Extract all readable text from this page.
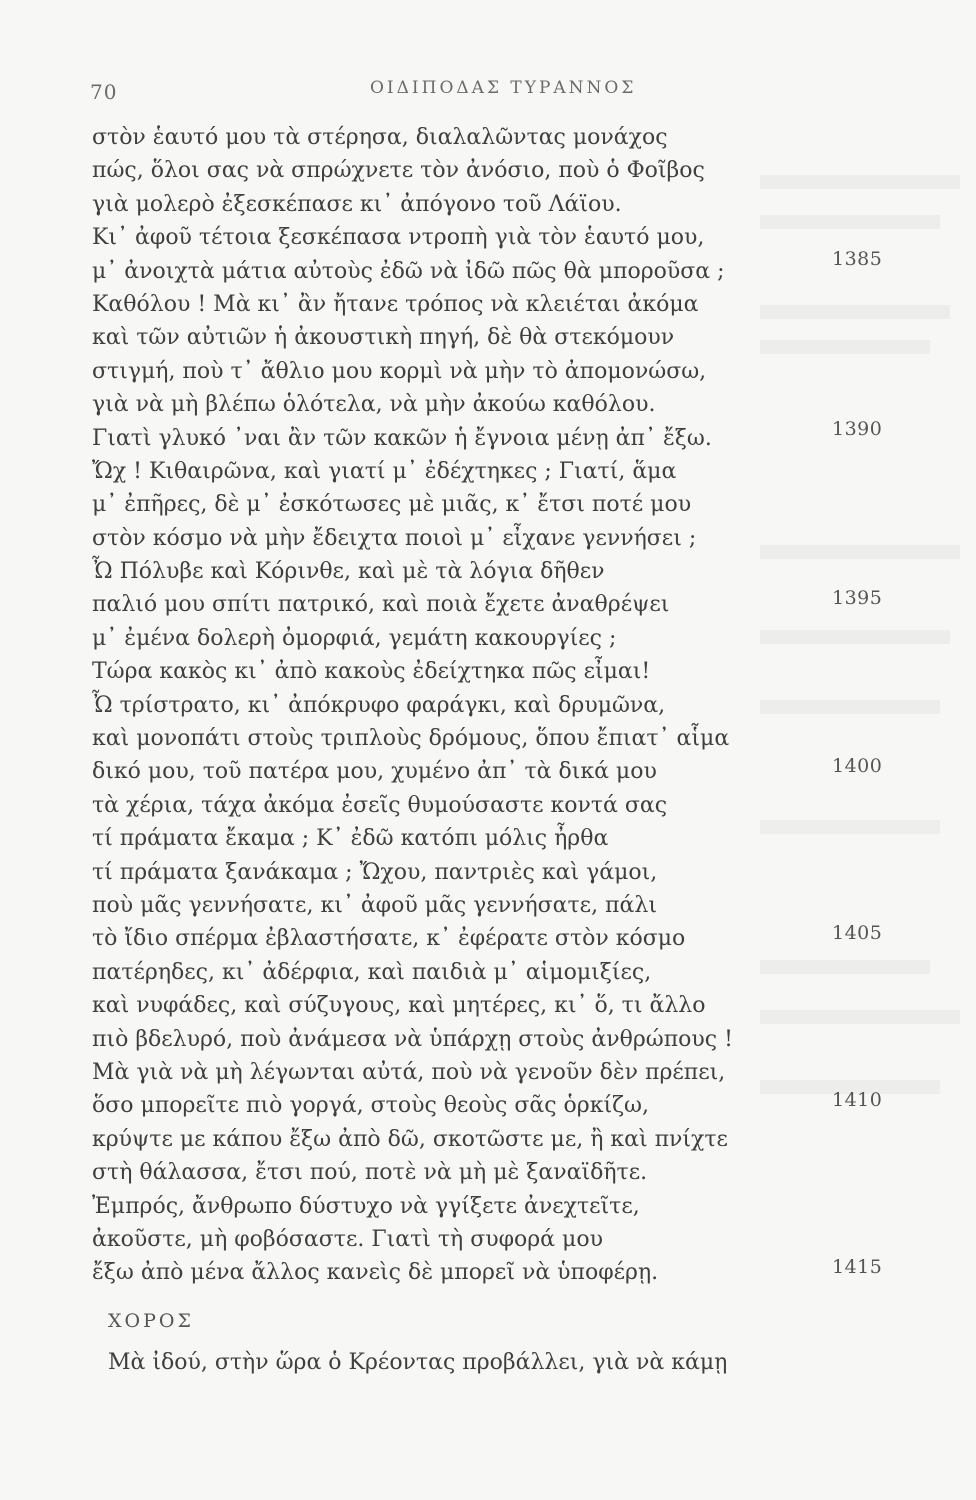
70	ΟΙΔΙΠΟΔΑΣ ΤΥΡΑΝΝΟΣ
στὸν ἑαυτό μου τὰ στέρησα, διαλαλῶντας μονάχος
πώς, ὅλοι σας νὰ σπρώχνετε τὸν ἀνόσιο, ποὺ ὁ Φοῖβος
γιὰ μολερὸ ἐξεσκέπασε κι᾽ ἀπόγονο τοῦ Λάϊου.
Κι᾽ ἀφοῦ τέτοια ξεσκέπασα ντροπὴ γιὰ τὸν ἑαυτό μου,
μ᾽ ἀνοιχτὰ μάτια αὐτοὺς ἐδῶ νὰ ἰδῶ πῶς θὰ μποροῦσα ;
Καθόλου ! Μὰ κι᾽ ἂν ἤτανε τρόπος νὰ κλειέται ἀκόμα
καὶ τῶν αὐτιῶν ἡ ἀκουστικὴ πηγή, δὲ θὰ στεκόμουν
στιγμή, ποὺ τ᾽ ἄθλιο μου κορμὶ νὰ μὴν τὸ ἀπομονώσω,
γιὰ νὰ μὴ βλέπω ὁλότελα, νὰ μὴν ἀκούω καθόλου.
Γιατὶ γλυκό ᾽ναι ἂν τῶν κακῶν ἡ ἔγνοια μένῃ ἀπ᾽ ἔξω.
Ὤχ ! Κιθαιρῶνα, καὶ γιατί μ᾽ ἐδέχτηκες ; Γιατί, ἅμα
μ᾽ ἐπῆρες, δὲ μ᾽ ἐσκότωσες μὲ μιᾶς, κ᾽ ἔτσι ποτέ μου
στὸν κόσμο νὰ μὴν ἔδειχτα ποιοὶ μ᾽ εἶχανε γεννήσει ;
Ὦ Πόλυβε καὶ Κόρινθε, καὶ μὲ τὰ λόγια δῆθεν
παλιό μου σπίτι πατρικό, καὶ ποιὰ ἔχετε ἀναθρέψει
μ᾽ ἐμένα δολερὴ ὀμορφιά, γεμάτη κακουργίες ;
Τώρα κακὸς κι᾽ ἀπὸ κακοὺς ἐδείχτηκα πῶς εἶμαι!
Ὦ τρίστρατο, κι᾽ ἀπόκρυφο φαράγκι, καὶ δρυμῶνα,
καὶ μονοπάτι στοὺς τριπλοὺς δρόμους, ὅπου ἔπιατ᾽ αἷμα
δικό μου, τοῦ πατέρα μου, χυμένο ἀπ᾽ τὰ δικά μου
τὰ χέρια, τάχα ἀκόμα ἐσεῖς θυμούσαστε κοντά σας
τί πράματα ἔκαμα ; Κ᾽ ἐδῶ κατόπι μόλις ἦρθα
τί πράματα ξανάκαμα ; Ὤχου, παντριὲς καὶ γάμοι,
ποὺ μᾶς γεννήσατε, κι᾽ ἀφοῦ μᾶς γεννήσατε, πάλι
τὸ ἴδιο σπέρμα ἐβλαστήσατε, κ᾽ ἐφέρατε στὸν κόσμο
πατέρηδες, κι᾽ ἀδέρφια, καὶ παιδιὰ μ᾽ αἱμομιξίες,
καὶ νυφάδες, καὶ σύζυγους, καὶ μητέρες, κι᾽ ὅ, τι ἄλλο
πιὸ βδελυρό, ποὺ ἀνάμεσα νὰ ὑπάρχῃ στοὺς ἀνθρώπους !
Μὰ γιὰ νὰ μὴ λέγωνται αὐτά, ποὺ νὰ γενοῦν δὲν πρέπει,
ὅσο μπορεῖτε πιὸ γοργά, στοὺς θεοὺς σᾶς ὁρκίζω,
κρύψτε με κάπου ἔξω ἀπὸ δῶ, σκοτῶστε με, ἢ καὶ πνίχτε
στὴ θάλασσα, ἔτσι πού, ποτὲ νὰ μὴ μὲ ξαναϊδῆτε.
Ἐμπρός, ἄνθρωπο δύστυχο νὰ γγίξετε ἀνεχτεῖτε,
ἀκοῦστε, μὴ φοβόσαστε. Γιατὶ τὴ συφορά μου
ἔξω ἀπὸ μένα ἄλλος κανεὶς δὲ μπορεῖ νὰ ὑποφέρῃ.
1385
1390
1395
1400
1405
1410
1415
ΧΟΡΟΣ
Μὰ ἰδού, στὴν ὥρα ὁ Κρέοντας προβάλλει, γιὰ νὰ κάμῃ
